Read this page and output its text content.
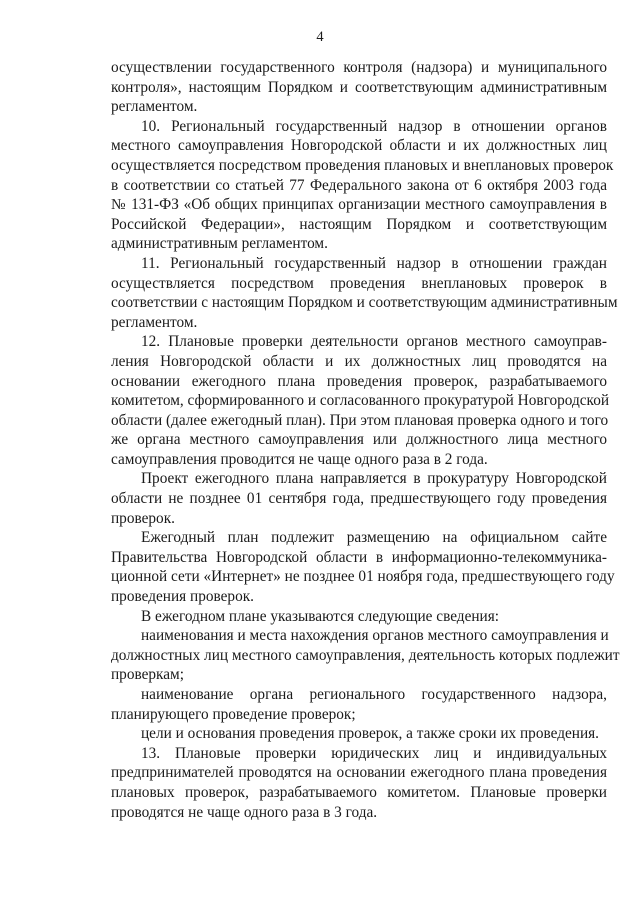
4
осуществлении государственного контроля (надзора) и муниципального
контроля», настоящим Порядком и соответствующим административным
регламентом.
10. Региональный государственный надзор в отношении органов
местного самоуправления Новгородской области и их должностных лиц
осуществляется посредством проведения плановых и внеплановых проверок
в соответствии со статьей 77 Федерального закона от 6 октября 2003 года
№ 131-ФЗ «Об общих принципах организации местного самоуправления в
Российской Федерации», настоящим Порядком и соответствующим
административным регламентом.
11. Региональный государственный надзор в отношении граждан
осуществляется посредством проведения внеплановых проверок в
соответствии с настоящим Порядком и соответствующим административным
регламентом.
12. Плановые проверки деятельности органов местного самоуправ-
ления Новгородской области и их должностных лиц проводятся на
основании ежегодного плана проведения проверок, разрабатываемого
комитетом, сформированного и согласованного прокуратурой Новгородской
области (далее ежегодный план). При этом плановая проверка одного и того
же органа местного самоуправления или должностного лица местного
самоуправления проводится не чаще одного раза в 2 года.
Проект ежегодного плана направляется в прокуратуру Новгородской
области не позднее 01 сентября года, предшествующего году проведения
проверок.
Ежегодный план подлежит размещению на официальном сайте
Правительства Новгородской области в информационно-телекоммуника-
ционной сети «Интернет» не позднее 01 ноября года, предшествующего году
проведения проверок.
В ежегодном плане указываются следующие сведения:
наименования и места нахождения органов местного самоуправления и
должностных лиц местного самоуправления, деятельность которых подлежит
проверкам;
наименование органа регионального государственного надзора,
планирующего проведение проверок;
цели и основания проведения проверок, а также сроки их проведения.
13. Плановые проверки юридических лиц и индивидуальных
предпринимателей проводятся на основании ежегодного плана проведения
плановых проверок, разрабатываемого комитетом. Плановые проверки
проводятся не чаще одного раза в 3 года.
